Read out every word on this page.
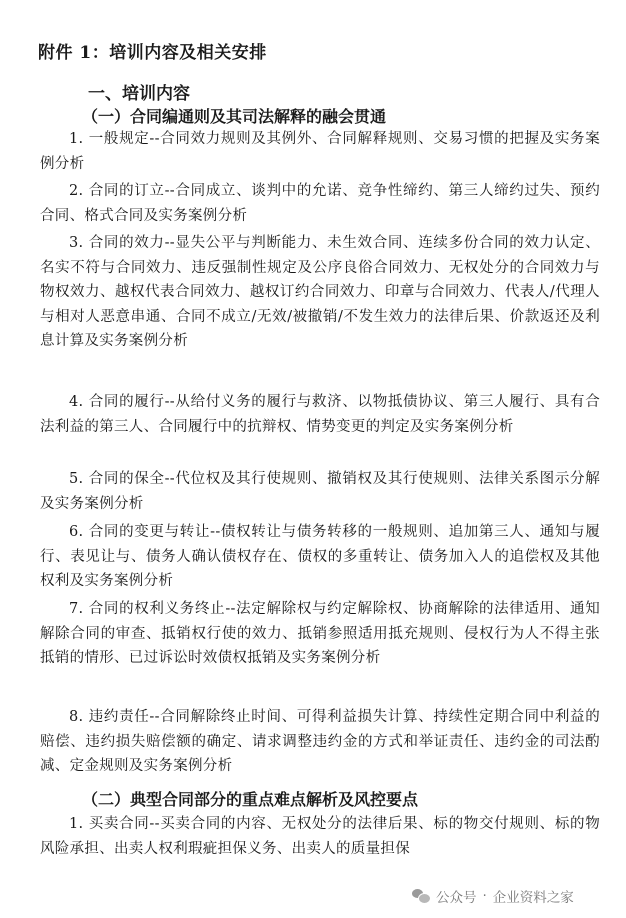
附件 1：培训内容及相关安排
一、培训内容
（一）合同编通则及其司法解释的融会贯通
1. 一般规定--合同效力规则及其例外、合同解释规则、交易习惯的把握及实务案例分析
2. 合同的订立--合同成立、谈判中的允诺、竞争性缔约、第三人缔约过失、预约合同、格式合同及实务案例分析
3. 合同的效力--显失公平与判断能力、未生效合同、连续多份合同的效力认定、名实不符与合同效力、违反强制性规定及公序良俗合同效力、无权处分的合同效力与物权效力、越权代表合同效力、越权订约合同效力、印章与合同效力、代表人/代理人与相对人恶意串通、合同不成立/无效/被撤销/不发生效力的法律后果、价款返还及利息计算及实务案例分析
4. 合同的履行--从给付义务的履行与救济、以物抵债协议、第三人履行、具有合法利益的第三人、合同履行中的抗辩权、情势变更的判定及实务案例分析
5. 合同的保全--代位权及其行使规则、撤销权及其行使规则、法律关系图示分解及实务案例分析
6. 合同的变更与转让--债权转让与债务转移的一般规则、追加第三人、通知与履行、表见让与、债务人确认债权存在、债权的多重转让、债务加入人的追偿权及其他权利及实务案例分析
7. 合同的权利义务终止--法定解除权与约定解除权、协商解除的法律适用、通知解除合同的审查、抵销权行使的效力、抵销参照适用抵充规则、侵权行为人不得主张抵销的情形、已过诉讼时效债权抵销及实务案例分析
8. 违约责任--合同解除终止时间、可得利益损失计算、持续性定期合同中利益的赔偿、违约损失赔偿额的确定、请求调整违约金的方式和举证责任、违约金的司法酌减、定金规则及实务案例分析
（二）典型合同部分的重点难点解析及风控要点
1. 买卖合同--买卖合同的内容、无权处分的法律后果、标的物交付规则、标的物风险承担、出卖人权利瑕疵担保义务、出卖人的质量担保
公众号 · 企业资料之家
